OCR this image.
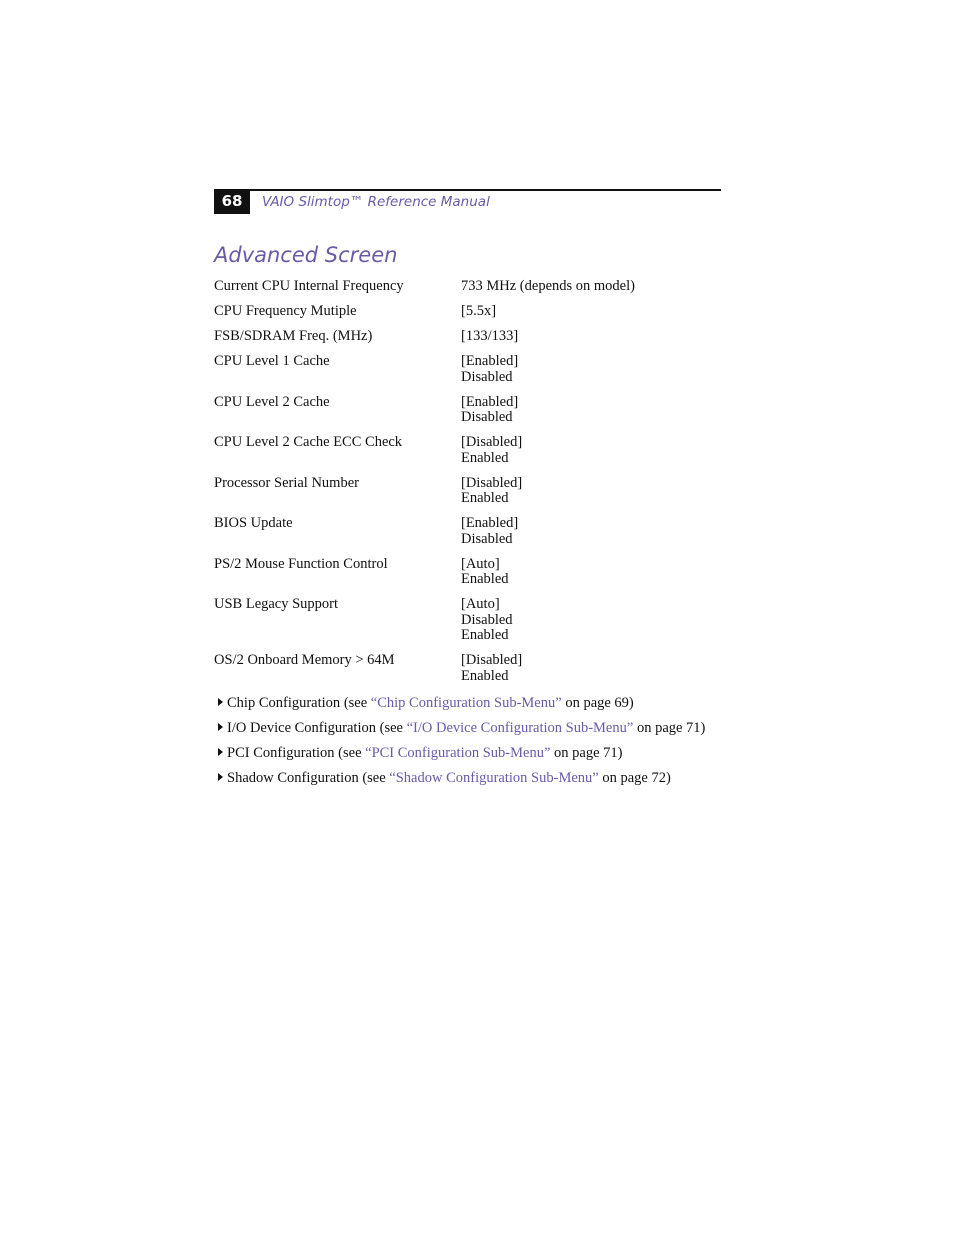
68	VAIO Slimtop™ Reference Manual
Advanced Screen
Current CPU Internal Frequency	733 MHz (depends on model)
CPU Frequency Mutiple	[5.5x]
FSB/SDRAM Freq. (MHz)	[133/133]
CPU Level 1 Cache	[Enabled]
Disabled
CPU Level 2 Cache	[Enabled]
Disabled
CPU Level 2 Cache ECC Check	[Disabled]
Enabled
Processor Serial Number	[Disabled]
Enabled
BIOS Update	[Enabled]
Disabled
PS/2 Mouse Function Control	[Auto]
Enabled
USB Legacy Support	[Auto]
Disabled
Enabled
OS/2 Onboard Memory > 64M	[Disabled]
Enabled
Chip Configuration (see “Chip Configuration Sub-Menu” on page 69)
I/O Device Configuration (see “I/O Device Configuration Sub-Menu” on page 71)
PCI Configuration (see “PCI Configuration Sub-Menu” on page 71)
Shadow Configuration (see “Shadow Configuration Sub-Menu” on page 72)
